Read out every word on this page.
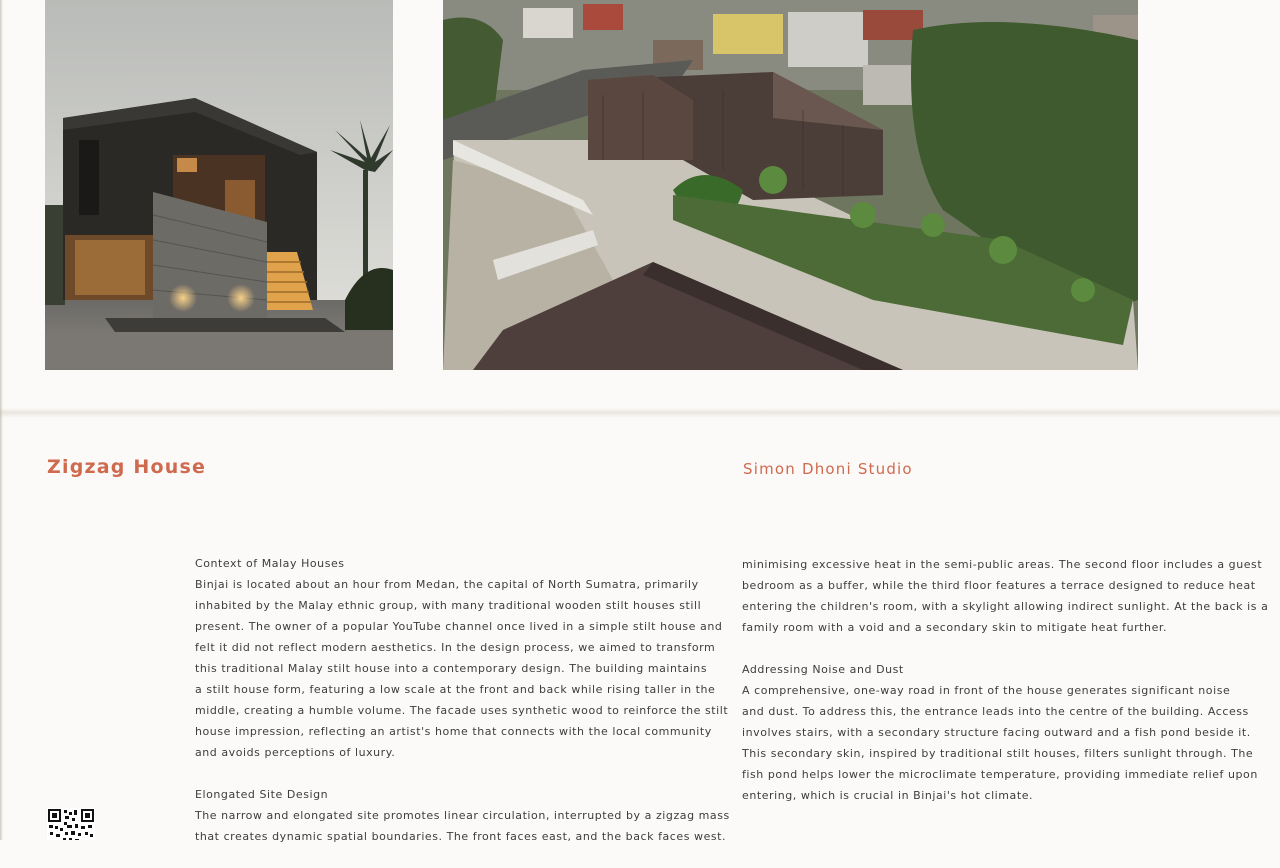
Zigzag House	Simon Dhoni Studio

Context of Malay Houses

Binjai is located about an hour from Medan, the capital of North Sumatra, primarily
inhabited by the Malay ethnic group, with many traditional wooden stilt houses still
present. The owner of a popular YouTube channel once lived in a simple stilt house and
felt it did not reflect modern aesthetics. In the design process, we aimed to transform
this traditional Malay stilt house into a contemporary design. The building maintains
a stilt house form, featuring a low scale at the front and back while rising taller in the
middle, creating a humble volume. The facade uses synthetic wood to reinforce the stilt
house impression, reflecting an artist's home that connects with the local community
and avoids perceptions of luxury.

Elongated Site Design

The narrow and elongated site promotes linear circulation, interrupted by a zigzag mass
that creates dynamic spatial boundaries. The front faces east, and the back faces west.

minimising excessive heat in the semi-public areas. The second floor includes a guest
bedroom as a buffer, while the third floor features a terrace designed to reduce heat
entering the children's room, with a skylight allowing indirect sunlight. At the back is a
family room with a void and a secondary skin to mitigate heat further.

Addressing Noise and Dust

A comprehensive, one-way road in front of the house generates significant noise
and dust. To address this, the entrance leads into the centre of the building. Access
involves stairs, with a secondary structure facing outward and a fish pond beside it.
This secondary skin, inspired by traditional stilt houses, filters sunlight through. The
fish pond helps lower the microclimate temperature, providing immediate relief upon
entering, which is crucial in Binjai's hot climate.
